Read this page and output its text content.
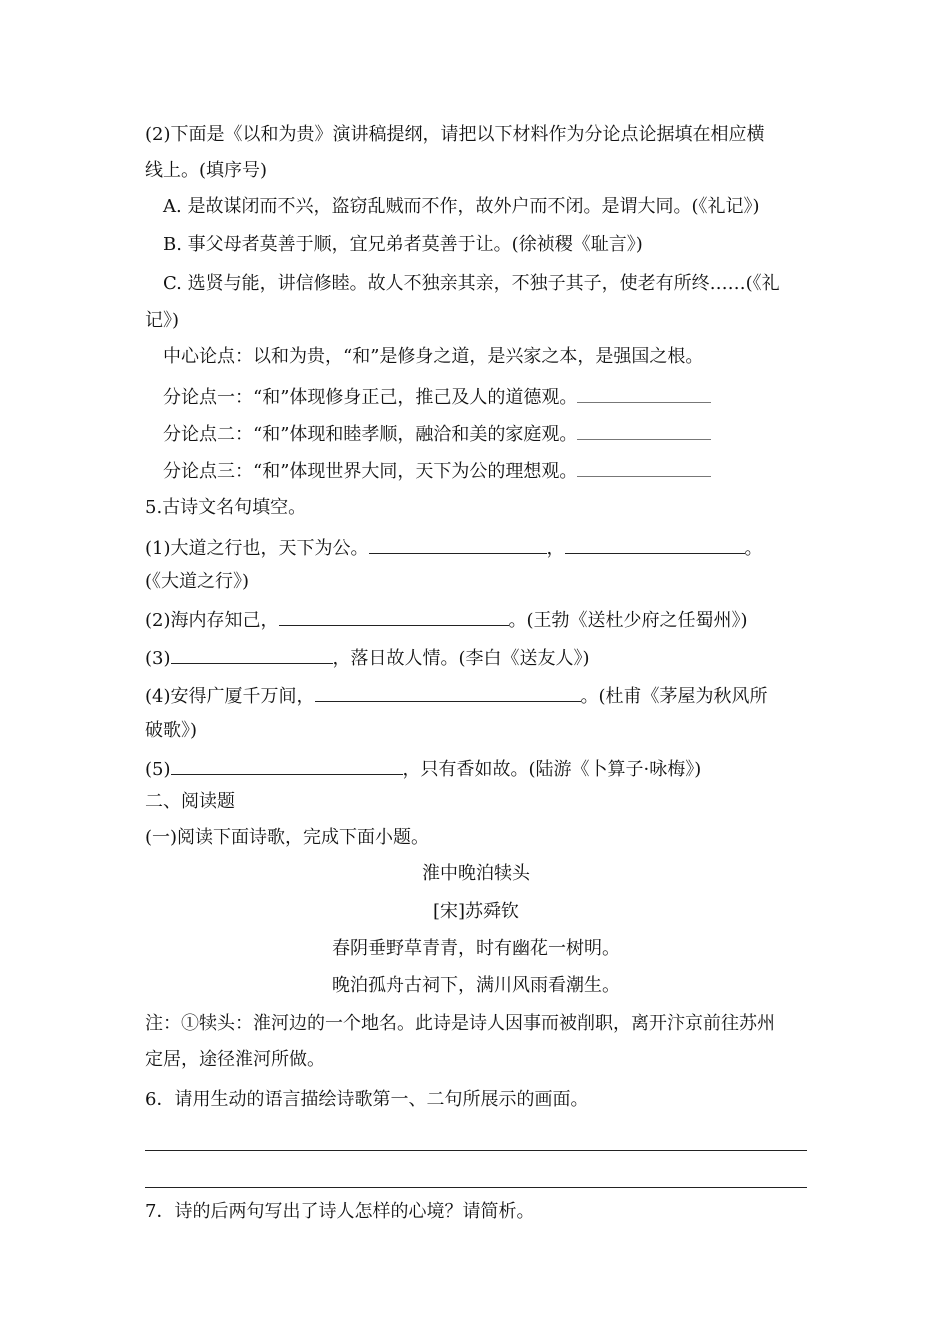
(2)下面是《以和为贵》演讲稿提纲，请把以下材料作为分论点论据填在相应横
线上。(填序号)
A. 是故谋闭而不兴，盗窃乱贼而不作，故外户而不闭。是谓大同。(《礼记》)
B. 事父母者莫善于顺，宜兄弟者莫善于让。(徐祯稷《耻言》)
C. 选贤与能，讲信修睦。故人不独亲其亲，不独子其子，使老有所终……(《礼
记》)
中心论点：以和为贵，“和”是修身之道，是兴家之本，是强国之根。
分论点一：“和”体现修身正己，推己及人的道德观。
分论点二：“和”体现和睦孝顺，融洽和美的家庭观。
分论点三：“和”体现世界大同，天下为公的理想观。
5.古诗文名句填空。
(1)大道之行也，天下为公。	，	。
(《大道之行》)
(2)海内存知己，	。(王勃《送杜少府之任蜀州》)
(3)	，落日故人情。(李白《送友人》)
(4)安得广厦千万间，	。(杜甫《茅屋为秋风所
破歌》)
(5)	，只有香如故。(陆游《卜算子·咏梅》)
二、阅读题
(一)阅读下面诗歌，完成下面小题。
淮中晚泊犊头
[宋]苏舜钦
春阴垂野草青青，时有幽花一树明。
晚泊孤舟古祠下，满川风雨看潮生。
注：①犊头：淮河边的一个地名。此诗是诗人因事而被削职，离开汴京前往苏州
定居，途径淮河所做。
6．请用生动的语言描绘诗歌第一、二句所展示的画面。
7．诗的后两句写出了诗人怎样的心境？请简析。
